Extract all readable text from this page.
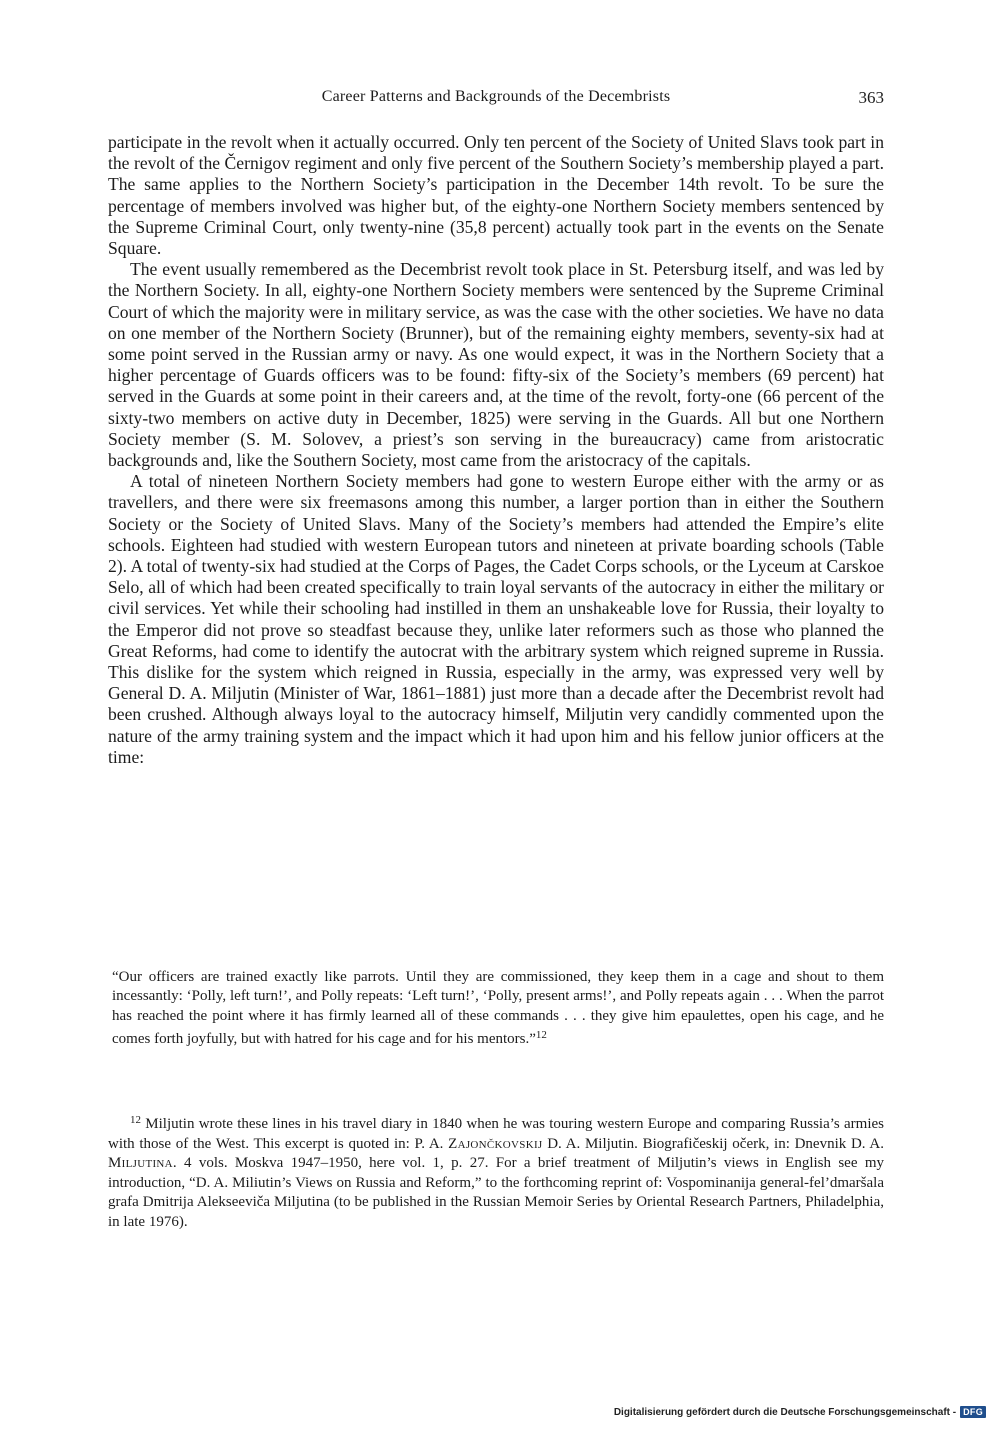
Career Patterns and Backgrounds of the Decembrists	363

participate in the revolt when it actually occurred. Only ten percent of the Society of United Slavs took part in the revolt of the Černigov regiment and only five percent of the Southern Society’s membership played a part. The same applies to the Northern Society’s participation in the December 14th revolt. To be sure the percentage of members involved was higher but, of the eighty-one Northern Society members sentenced by the Supreme Criminal Court, only twenty-nine (35,8 percent) actually took part in the events on the Senate Square.

The event usually remembered as the Decembrist revolt took place in St. Petersburg itself, and was led by the Northern Society. In all, eighty-one Northern Society members were sentenced by the Supreme Criminal Court of which the majority were in military service, as was the case with the other societies. We have no data on one member of the Northern Society (Brunner), but of the remaining eighty members, seventy-six had at some point served in the Russian army or navy. As one would expect, it was in the Northern Society that a higher percentage of Guards officers was to be found: fifty-six of the Society’s members (69 percent) hat served in the Guards at some point in their careers and, at the time of the revolt, forty-one (66 percent of the sixty-two members on active duty in December, 1825) were serving in the Guards. All but one Northern Society member (S. M. Solovev, a priest’s son serving in the bureaucracy) came from aristocratic backgrounds and, like the Southern Society, most came from the aristocracy of the capitals.

A total of nineteen Northern Society members had gone to western Europe either with the army or as travellers, and there were six freemasons among this number, a larger portion than in either the Southern Society or the Society of United Slavs. Many of the Society’s members had attended the Empire’s elite schools. Eighteen had studied with western European tutors and nineteen at private boarding schools (Table 2). A total of twenty-six had studied at the Corps of Pages, the Cadet Corps schools, or the Lyceum at Carskoe Selo, all of which had been created specifically to train loyal servants of the autocracy in either the military or civil services. Yet while their schooling had instilled in them an unshakeable love for Russia, their loyalty to the Emperor did not prove so steadfast because they, unlike later reformers such as those who planned the Great Reforms, had come to identify the autocrat with the arbitrary system which reigned supreme in Russia. This dislike for the system which reigned in Russia, especially in the army, was expressed very well by General D. A. Miljutin (Minister of War, 1861–1881) just more than a decade after the Decembrist revolt had been crushed. Although always loyal to the autocracy himself, Miljutin very candidly commented upon the nature of the army training system and the impact which it had upon him and his fellow junior officers at the time:

“Our officers are trained exactly like parrots. Until they are commissioned, they keep them in a cage and shout to them incessantly: ‘Polly, left turn!’, and Polly repeats: ‘Left turn!’, ‘Polly, present arms!’, and Polly repeats again . . . When the parrot has reached the point where it has firmly learned all of these commands . . . they give him epaulettes, open his cage, and he comes forth joyfully, but with hatred for his cage and for his mentors.”$^{12}$
$^{12}$ Miljutin wrote these lines in his travel diary in 1840 when he was touring western Europe and comparing Russia’s armies with those of the West. This excerpt is quoted in: P. A. Zajončkovskij D. A. Miljutin. Biografičeskij očerk, in: Dnevnik D. A. Miljutina. 4 vols. Moskva 1947–1950, here vol. 1, p. 27. For a brief treatment of Miljutin’s views in English see my introduction, “D. A. Miliutin’s Views on Russia and Reform,” to the forthcoming reprint of: Vospominanija general-fel’dmaršala grafa Dmitrija Alekseeviča Miljutina (to be published in the Russian Memoir Series by Oriental Research Partners, Philadelphia, in late 1976).
Digitalisierung gefördert durch die Deutsche Forschungsgemeinschaft - DFG
